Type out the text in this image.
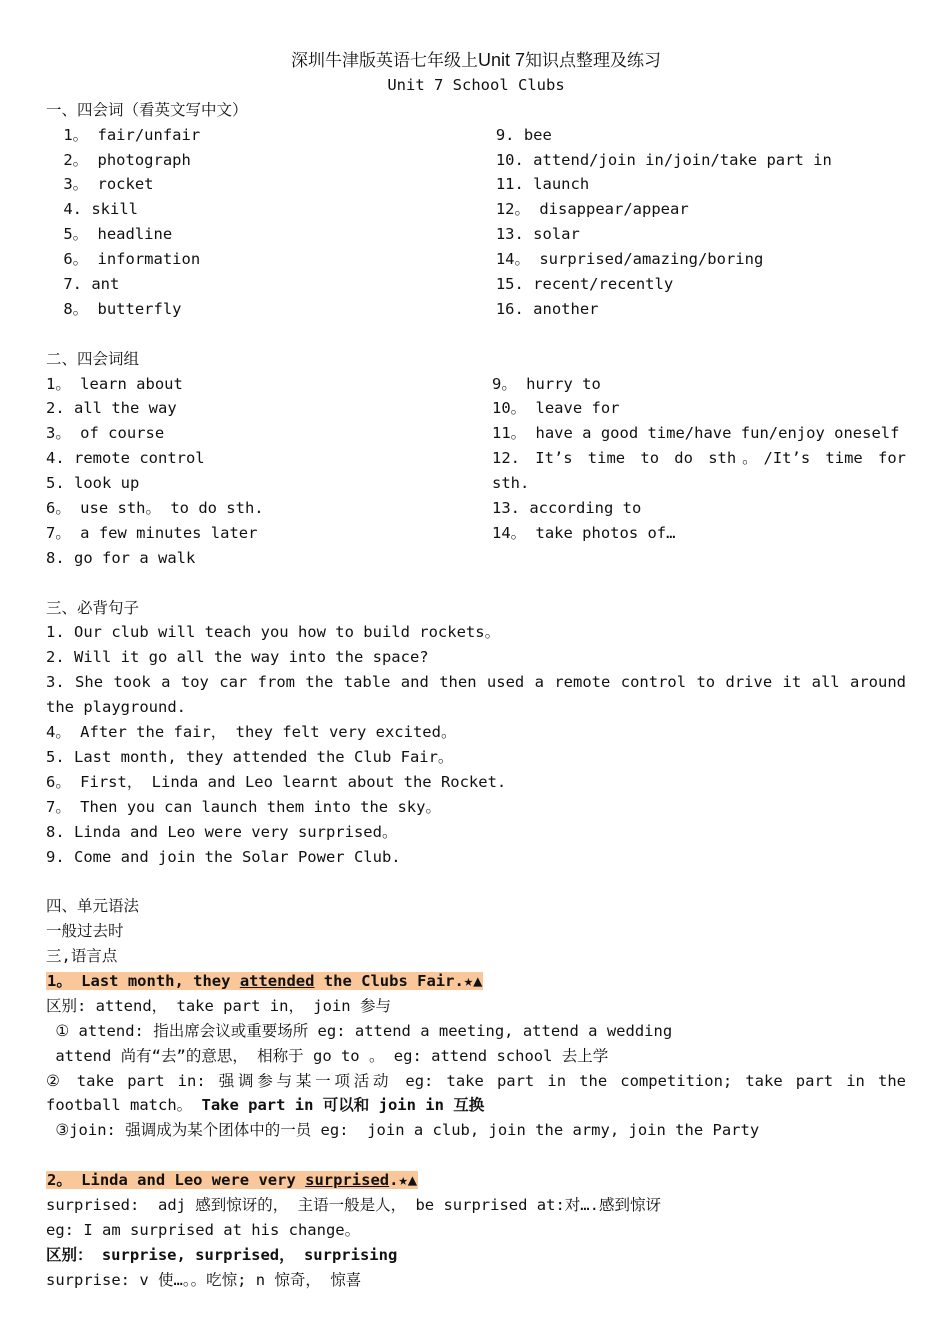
深圳牛津版英语七年级上Unit 7知识点整理及练习
Unit 7 School Clubs
一、四会词（看英文写中文）
1。 fair/unfair
2。 photograph
3。 rocket
4. skill
5。 headline
6。 information
7. ant
8。 butterfly
9. bee
10. attend/join in/join/take part in
11. launch
12。 disappear/appear
13. solar
14。 surprised/amazing/boring
15. recent/recently
16. another
二、四会词组
1。 learn about
2. all the way
3。 of course
4. remote control
5. look up
6。 use sth。 to do sth.
7。 a few minutes later
8. go for a walk
9。 hurry to
10。 leave for
11。 have a good time/have fun/enjoy oneself
12. It’s time to do sth。/It’s time for
sth.
13. according to
14。 take photos of…
三、必背句子
1. Our club will teach you how to build rockets。
2. Will it go all the way into the space?
3. She took a toy car from the table and then used a remote control to drive it all around
the playground.
4。 After the fair， they felt very excited。
5. Last month, they attended the Club Fair。
6。 First， Linda and Leo learnt about the Rocket.
7。 Then you can launch them into the sky。
8. Linda and Leo were very surprised。
9. Come and join the Solar Power Club.
四、单元语法
一般过去时
三,语言点
1。 Last month, they attended the Clubs Fair.★▲
区别: attend， take part in， join 参与
① attend: 指出席会议或重要场所 eg: attend a meeting, attend a wedding
attend 尚有“去”的意思， 相称于 go to 。 eg: attend school 去上学
② take part in: 强调参与某一项活动 eg: take part in the competition; take part in the
football match。 Take part in 可以和 join in 互换
③join: 强调成为某个团体中的一员 eg:  join a club, join the army, join the Party
2。 Linda and Leo were very surprised.★▲
surprised:  adj 感到惊讶的， 主语一般是人， be surprised at:对….感到惊讶
eg: I am surprised at his change。
区别： surprise, surprised， surprising
surprise: v 使…。。吃惊; n 惊奇， 惊喜
